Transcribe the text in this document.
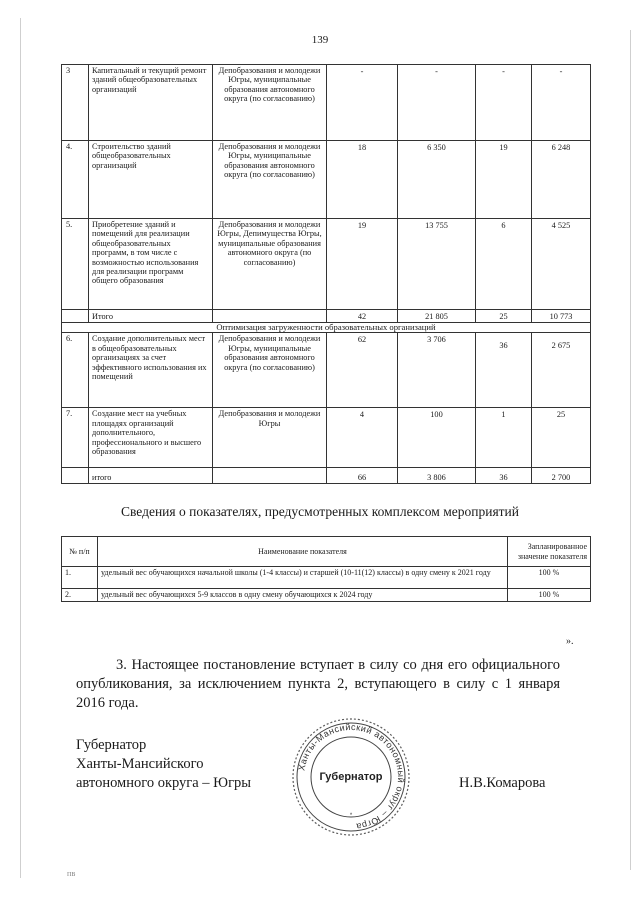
139
3	Капитальный и текущий ремонт зданий общеобразовательных организаций	Депобразования и молодежи Югры, муниципальные образования автономного округа (по согласованию)	-	-	-	-
4.	Строительство зданий общеобразовательных организаций	Депобразования и молодежи Югры, муниципальные образования автономного округа (по согласованию)	18	6 350	19	6 248
5.	Приобретение зданий и помещений для реализации общеобразовательных программ, в том числе с возможностью использования для реализации программ общего образования	Депобразования и молодежи Югры, Депимущества Югры, муниципальные образования автономного округа (по согласованию)	19	13 755	6	4 525
	Итого		42	21 805	25	10 773
Оптимизация загруженности образовательных организаций						
6.	Создание дополнительных мест в общеобразовательных организациях за счет эффективного использования их помещений	Депобразования и молодежи Югры, муниципальные образования автономного округа (по согласованию)	62	3 706	36	2 675
7.	Создание мест на учебных площадях организаций дополнительного, профессионального и высшего образования	Депобразования и молодежи Югры	4	100	1	25
	итого		66	3 806	36	2 700
Сведения о показателях, предусмотренных комплексом мероприятий
№ п/п	Наименование показателя	Запланированное значение показателя
1.	удельный вес обучающихся начальной школы (1-4 классы) и старшей (10-11(12) классы) в одну смену к 2021 году	100 %
2.	удельный вес обучающихся 5-9 классов в одну смену обучающихся к 2024 году	100 %
».
3. Настоящее постановление вступает в силу со дня его официального опубликования, за исключением пункта 2, вступающего в силу с 1 января 2016 года.
Губернатор
Ханты-Мансийского
автономного округа – Югры
Ханты-Мансийский автономный округ – Югра
Губернатор
*
Н.В.Комарова
ПВ
